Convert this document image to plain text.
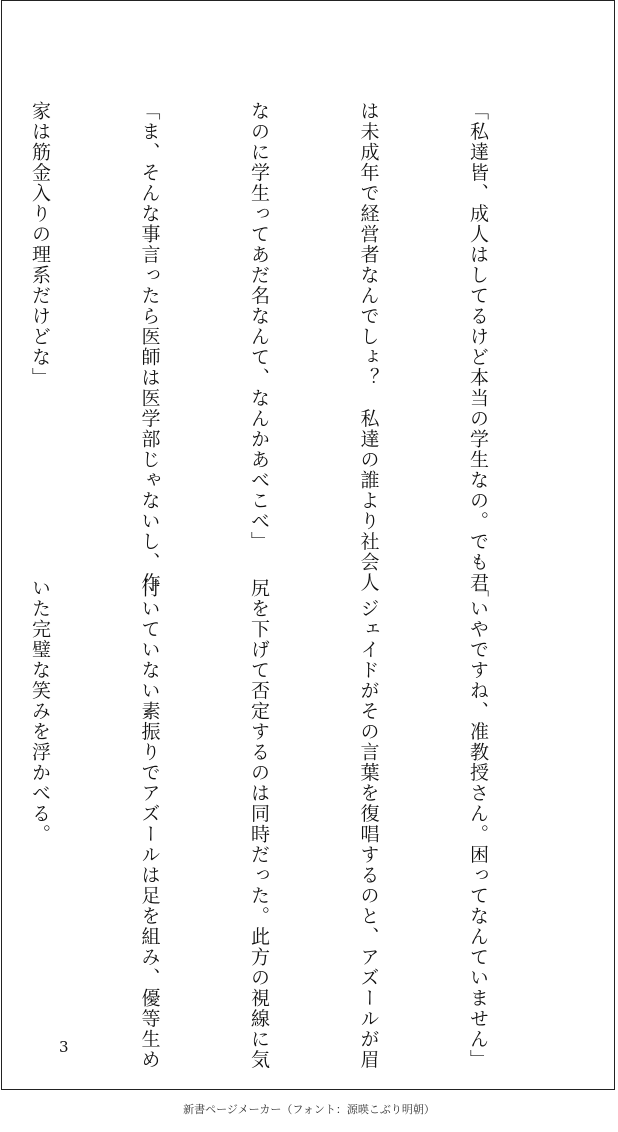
「私達皆、成人はしてるけど本当の学生なの。でも君

は未成年で経営者なんでしょ？　私達の誰より社会人

なのに学生ってあだ名なんて、なんかあべこべ」

「ま、そんな事言ったら医師は医学部じゃないし、作

家は筋金入りの理系だけどな」

「いやですね、准教授さん。困ってなんていません」

　ジェイドがその言葉を復唱するのと、アズールが眉

尻を下げて否定するのは同時だった。此方の視線に気

付いていない素振りでアズールは足を組み、優等生め

いた完璧な笑みを浮かべる。

3
新書ページメーカー（フォント：源暎こぶり明朝）
